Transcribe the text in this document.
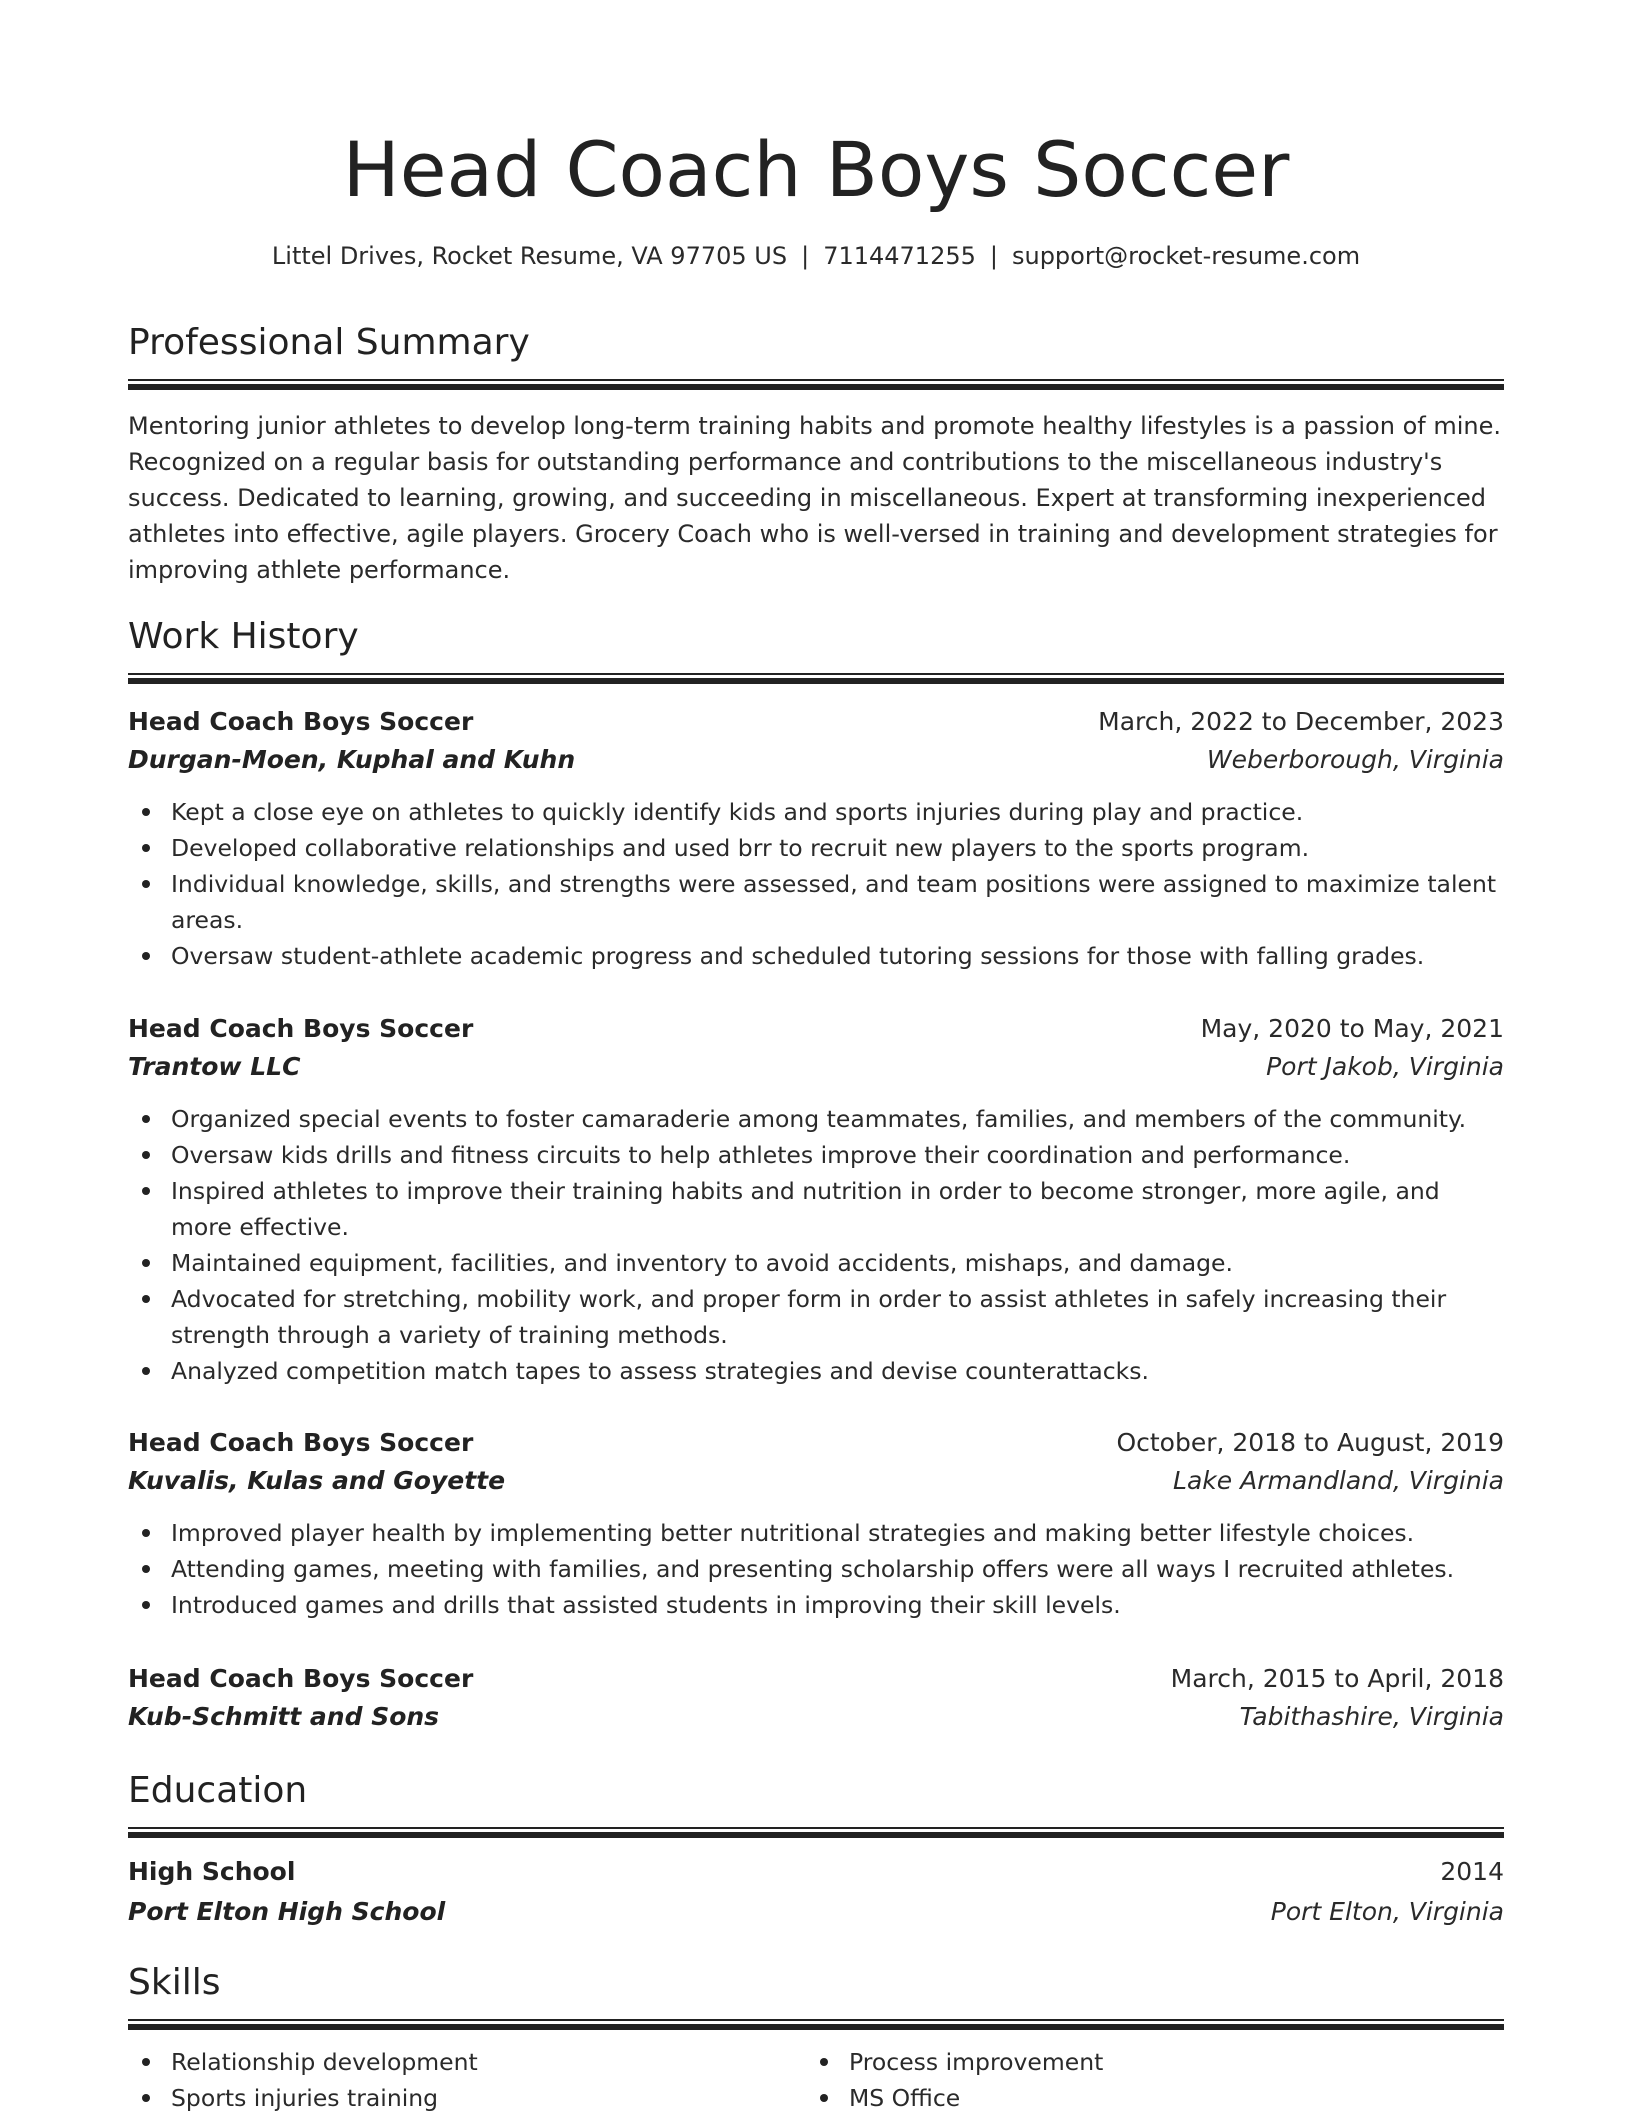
Head Coach Boys Soccer
Littel Drives, Rocket Resume, VA 97705 US | 7114471255 | support@rocket-resume.com
Professional Summary
Mentoring junior athletes to develop long-term training habits and promote healthy lifestyles is a passion of mine. Recognized on a regular basis for outstanding performance and contributions to the miscellaneous industry's success. Dedicated to learning, growing, and succeeding in miscellaneous. Expert at transforming inexperienced athletes into effective, agile players. Grocery Coach who is well-versed in training and development strategies for improving athlete performance.
Work History
Head Coach Boys Soccer	March, 2022 to December, 2023
Durgan-Moen, Kuphal and Kuhn	Weberborough, Virginia
Kept a close eye on athletes to quickly identify kids and sports injuries during play and practice.
Developed collaborative relationships and used brr to recruit new players to the sports program.
Individual knowledge, skills, and strengths were assessed, and team positions were assigned to maximize talent areas.
Oversaw student-athlete academic progress and scheduled tutoring sessions for those with falling grades.
Head Coach Boys Soccer	May, 2020 to May, 2021
Trantow LLC	Port Jakob, Virginia
Organized special events to foster camaraderie among teammates, families, and members of the community.
Oversaw kids drills and fitness circuits to help athletes improve their coordination and performance.
Inspired athletes to improve their training habits and nutrition in order to become stronger, more agile, and more effective.
Maintained equipment, facilities, and inventory to avoid accidents, mishaps, and damage.
Advocated for stretching, mobility work, and proper form in order to assist athletes in safely increasing their strength through a variety of training methods.
Analyzed competition match tapes to assess strategies and devise counterattacks.
Head Coach Boys Soccer	October, 2018 to August, 2019
Kuvalis, Kulas and Goyette	Lake Armandland, Virginia
Improved player health by implementing better nutritional strategies and making better lifestyle choices.
Attending games, meeting with families, and presenting scholarship offers were all ways I recruited athletes.
Introduced games and drills that assisted students in improving their skill levels.
Head Coach Boys Soccer	March, 2015 to April, 2018
Kub-Schmitt and Sons	Tabithashire, Virginia
Education
High School	2014
Port Elton High School	Port Elton, Virginia
Skills
Relationship development
Sports injuries training
Process improvement
MS Office
